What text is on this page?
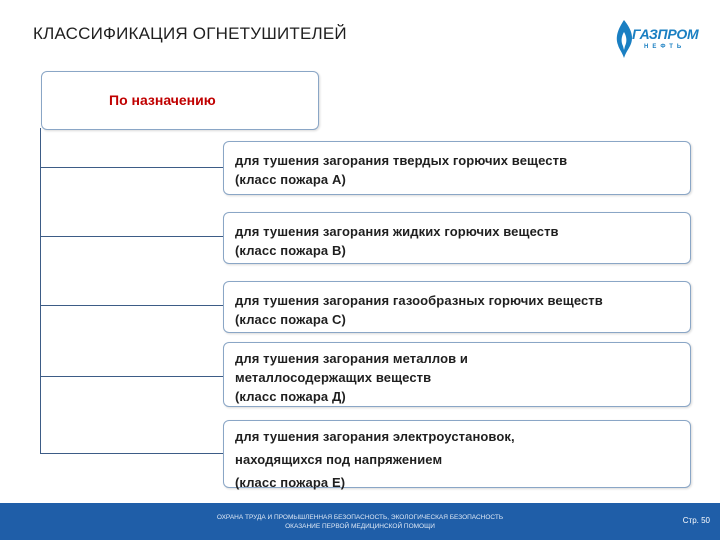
КЛАССИФИКАЦИЯ ОГНЕТУШИТЕЛЕЙ	ГАЗПРОМ
НЕФТЬ
По назначению
для тушения загорания твердых горючих веществ
(класс пожара А)
для тушения загорания жидких горючих веществ
(класс пожара В)
для тушения загорания газообразных горючих веществ
(класс пожара С)
для тушения загорания металлов и
металлосодержащих веществ
(класс пожара Д)
для тушения загорания электроустановок,
находящихся под напряжением
(класс пожара Е)
ОХРАНА ТРУДА И ПРОМЫШЛЕННАЯ БЕЗОПАСНОСТЬ, ЭКОЛОГИЧЕСКАЯ БЕЗОПАСНОСТЬ
ОКАЗАНИЕ ПЕРВОЙ МЕДИЦИНСКОЙ ПОМОЩИ
Стр. 50
